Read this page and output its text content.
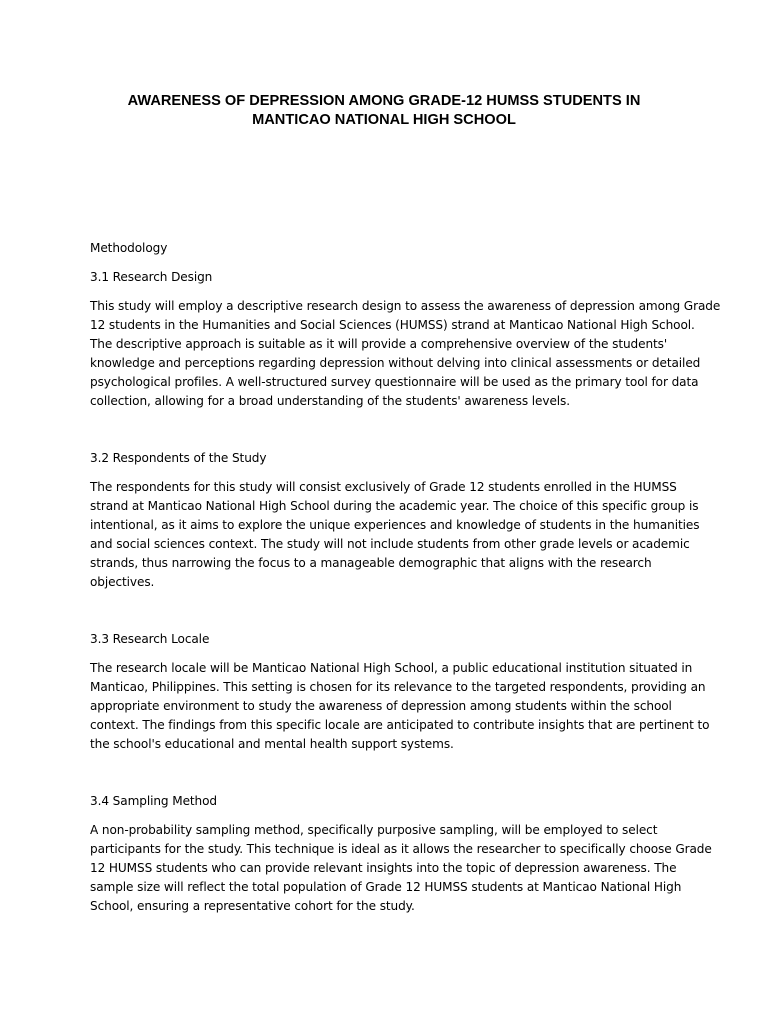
AWARENESS OF DEPRESSION AMONG GRADE-12 HUMSS STUDENTS IN
MANTICAO NATIONAL HIGH SCHOOL

Methodology

3.1 Research Design

This study will employ a descriptive research design to assess the awareness of depression among Grade
12 students in the Humanities and Social Sciences (HUMSS) strand at Manticao National High School.
The descriptive approach is suitable as it will provide a comprehensive overview of the students'
knowledge and perceptions regarding depression without delving into clinical assessments or detailed
psychological profiles. A well-structured survey questionnaire will be used as the primary tool for data
collection, allowing for a broad understanding of the students' awareness levels.

3.2 Respondents of the Study

The respondents for this study will consist exclusively of Grade 12 students enrolled in the HUMSS
strand at Manticao National High School during the academic year. The choice of this specific group is
intentional, as it aims to explore the unique experiences and knowledge of students in the humanities
and social sciences context. The study will not include students from other grade levels or academic
strands, thus narrowing the focus to a manageable demographic that aligns with the research
objectives.

3.3 Research Locale

The research locale will be Manticao National High School, a public educational institution situated in
Manticao, Philippines. This setting is chosen for its relevance to the targeted respondents, providing an
appropriate environment to study the awareness of depression among students within the school
context. The findings from this specific locale are anticipated to contribute insights that are pertinent to
the school's educational and mental health support systems.

3.4 Sampling Method

A non-probability sampling method, specifically purposive sampling, will be employed to select
participants for the study. This technique is ideal as it allows the researcher to specifically choose Grade
12 HUMSS students who can provide relevant insights into the topic of depression awareness. The
sample size will reflect the total population of Grade 12 HUMSS students at Manticao National High
School, ensuring a representative cohort for the study.
